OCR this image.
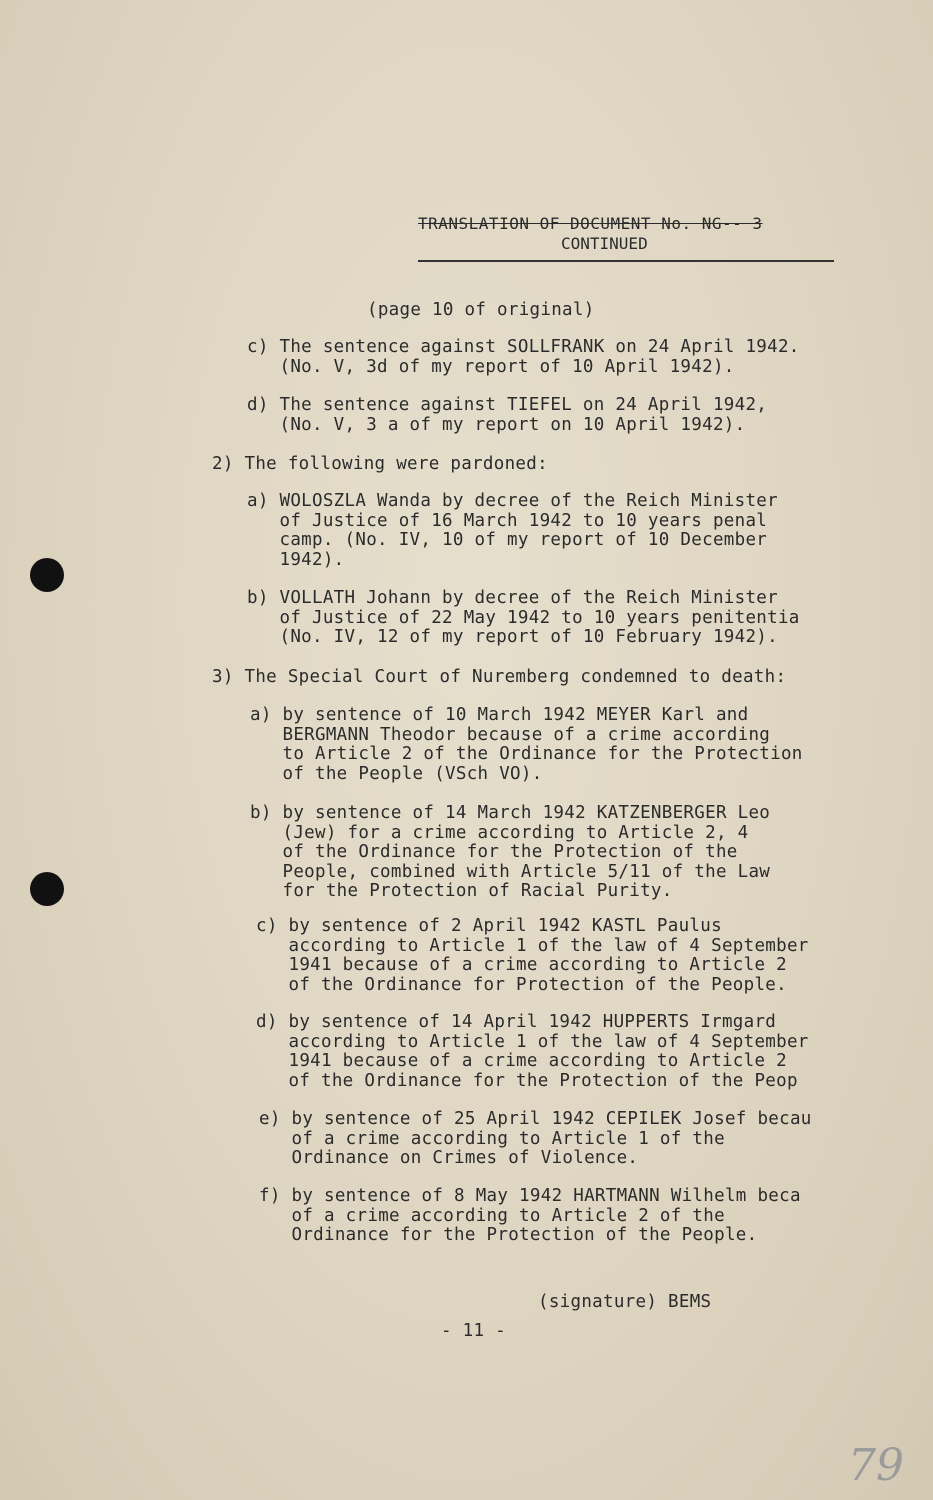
TRANSLATION OF DOCUMENT No. NG-- 3
CONTINUED
(page 10 of original)
c) The sentence against SOLLFRANK on 24 April 1942.
(No. V, 3d of my report of 10 April 1942).
d) The sentence against TIEFEL on 24 April 1942,
(No. V, 3 a of my report on 10 April 1942).
2) The following were pardoned:
a) WOLOSZLA Wanda by decree of the Reich Minister
of Justice of 16 March 1942 to 10 years penal
camp. (No. IV, 10 of my report of 10 December
1942).
b) VOLLATH Johann by decree of the Reich Minister
of Justice of 22 May 1942 to 10 years penitentia
(No. IV, 12 of my report of 10 February 1942).
3) The Special Court of Nuremberg condemned to death:
a) by sentence of 10 March 1942 MEYER Karl and
BERGMANN Theodor because of a crime according
to Article 2 of the Ordinance for the Protection
of the People (VSch VO).
b) by sentence of 14 March 1942 KATZENBERGER Leo
(Jew) for a crime according to Article 2, 4
of the Ordinance for the Protection of the
People, combined with Article 5/11 of the Law
for the Protection of Racial Purity.
c) by sentence of 2 April 1942 KASTL Paulus
according to Article 1 of the law of 4 September
1941 because of a crime according to Article 2
of the Ordinance for Protection of the People.
d) by sentence of 14 April 1942 HUPPERTS Irmgard
according to Article 1 of the law of 4 September
1941 because of a crime according to Article 2
of the Ordinance for the Protection of the Peop
e) by sentence of 25 April 1942 CEPILEK Josef becau
of a crime according to Article 1 of the
Ordinance on Crimes of Violence.
f) by sentence of 8 May 1942 HARTMANN Wilhelm beca
of a crime according to Article 2 of the
Ordinance for the Protection of the People.
(signature) BEMS
- 11 -
79
